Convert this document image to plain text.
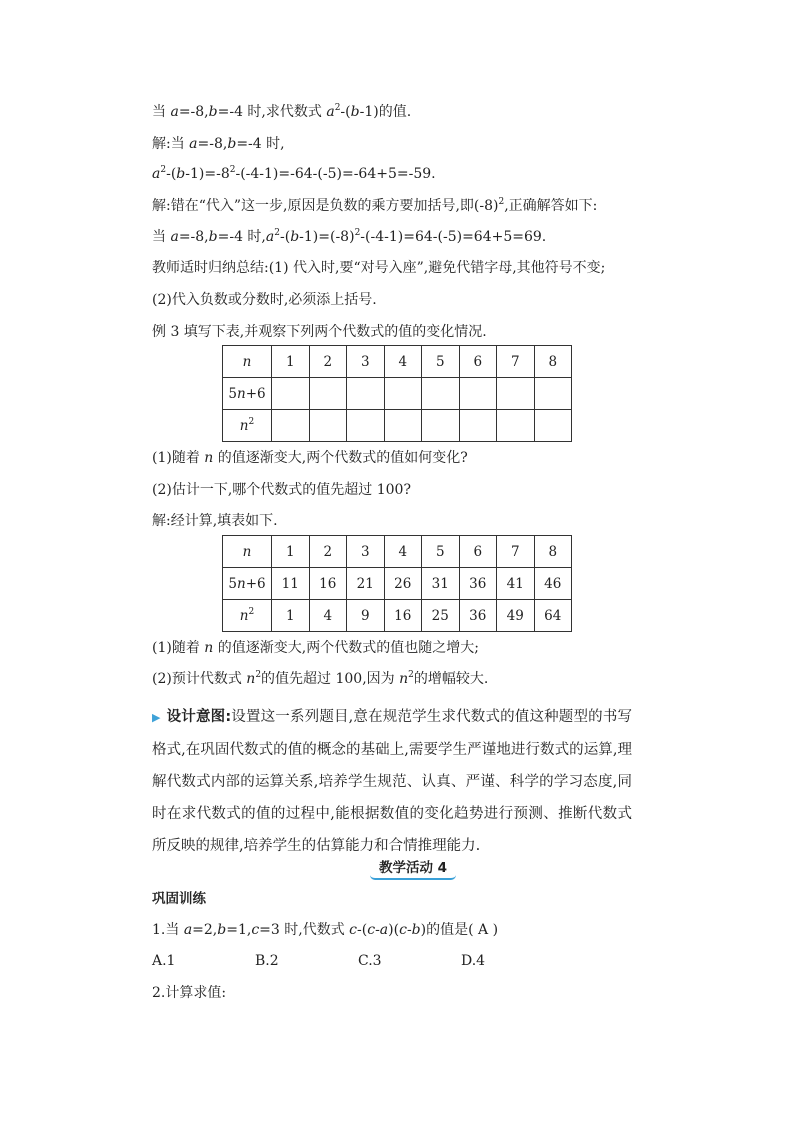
当 a=-8,b=-4 时,求代数式 $a^2-(b-1)$的值.
解:当 a=-8,b=-4 时,
$a^2-(b-1)=-8^2-(-4-1)=-64-(-5)=-64+5=-59$.
解:错在“代入”这一步,原因是负数的乘方要加括号,即$(-8)^2$,正确解答如下:
当 a=-8,b=-4 时$,a^2-(b-1)=(-8)^2-(-4-1)=64-(-5)=64+5=69$.
教师适时归纳总结:(1) 代入时,要“对号入座”,避免代错字母,其他符号不变;
(2)代入负数或分数时,必须添上括号.
例 3 填写下表,并观察下列两个代数式的值的变化情况.
n	1	2	3	4	5	6	7	8
5n+6								
$n^2$								
(1)随着 n 的值逐渐变大,两个代数式的值如何变化?
(2)估计一下,哪个代数式的值先超过 100?
解:经计算,填表如下.
n	1	2	3	4	5	6	7	8
5n+6	11	16	21	26	31	36	41	46
$n^2$	1	4	9	16	25	36	49	64
(1)随着 n 的值逐渐变大,两个代数式的值也随之增大;
(2)预计代数式 $n^2$的值先超过 100,因为 $n^2$的增幅较大.
▶ 设计意图:设置这一系列题目,意在规范学生求代数式的值这种题型的书写格式,在巩固代数式的值的概念的基础上,需要学生严谨地进行数式的运算,理解代数式内部的运算关系,培养学生规范、认真、严谨、科学的学习态度,同时在求代数式的值的过程中,能根据数值的变化趋势进行预测、推断代数式所反映的规律,培养学生的估算能力和合情推理能力.
教学活动 4
巩固训练
1.当 a=2,b=1,c=3 时,代数式 c-(c-a)(c-b)的值是( A )
A.1	B.2	C.3	D.4
2.计算求值:
